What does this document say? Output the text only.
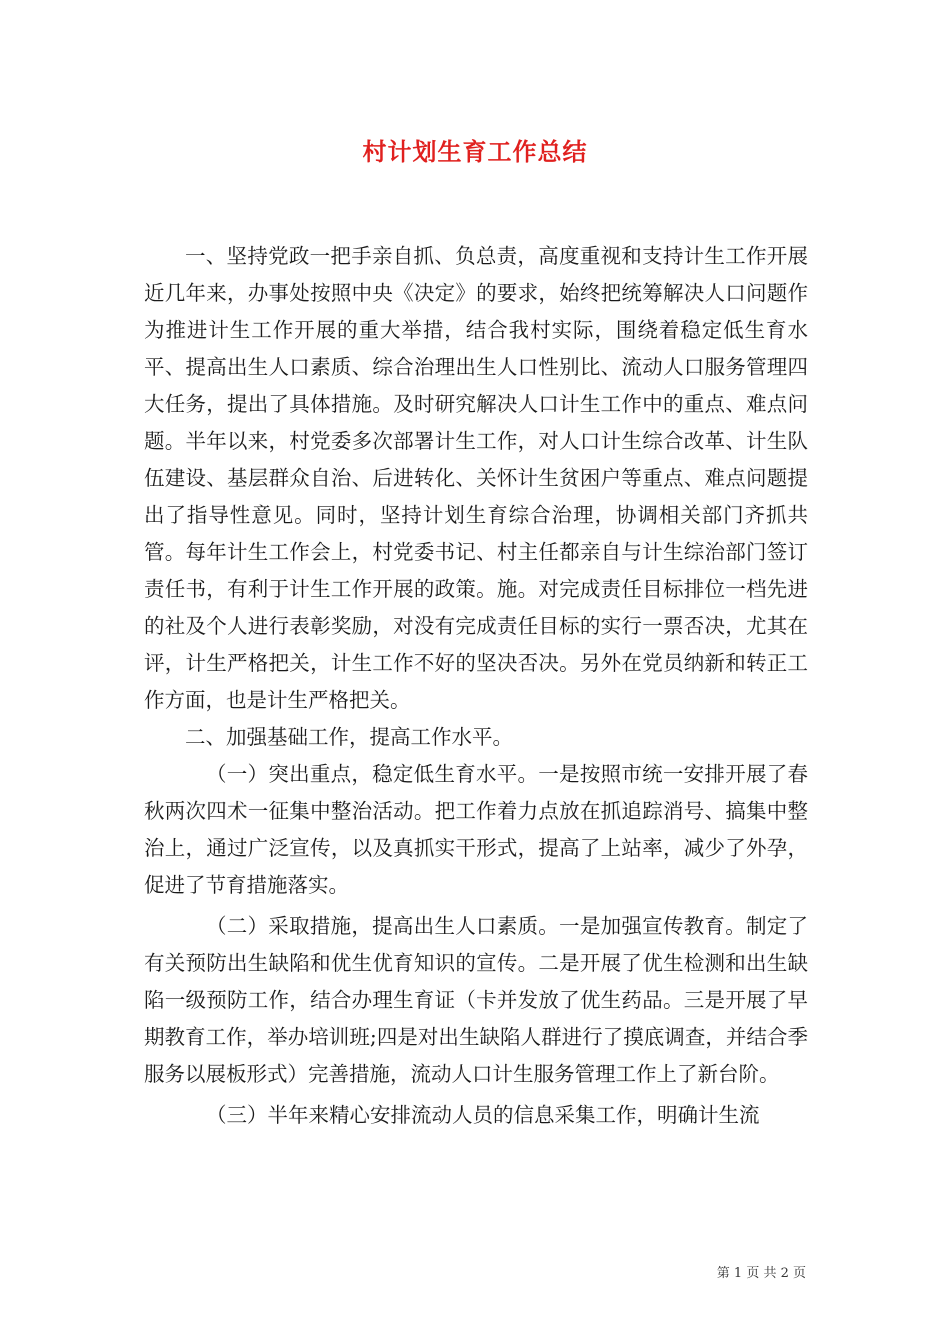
村计划生育工作总结

一、坚持党政一把手亲自抓、负总责，高度重视和支持计生工作开展近几年来，办事处按照中央《决定》的要求，始终把统筹解决人口问题作为推进计生工作开展的重大举措，结合我村实际，围绕着稳定低生育水平、提高出生人口素质、综合治理出生人口性别比、流动人口服务管理四大任务，提出了具体措施。及时研究解决人口计生工作中的重点、难点问题。半年以来，村党委多次部署计生工作，对人口计生综合改革、计生队伍建设、基层群众自治、后进转化、关怀计生贫困户等重点、难点问题提出了指导性意见。同时，坚持计划生育综合治理，协调相关部门齐抓共管。每年计生工作会上，村党委书记、村主任都亲自与计生综治部门签订责任书，有利于计生工作开展的政策。施。对完成责任目标排位一档先进的社及个人进行表彰奖励，对没有完成责任目标的实行一票否决，尤其在评，计生严格把关，计生工作不好的坚决否决。另外在党员纳新和转正工作方面，也是计生严格把关。

二、加强基础工作，提高工作水平。

（一）突出重点，稳定低生育水平。一是按照市统一安排开展了春秋两次四术一征集中整治活动。把工作着力点放在抓追踪消号、搞集中整治上，通过广泛宣传，以及真抓实干形式，提高了上站率，减少了外孕，促进了节育措施落实。

（二）采取措施，提高出生人口素质。一是加强宣传教育。制定了有关预防出生缺陷和优生优育知识的宣传。二是开展了优生检测和出生缺陷一级预防工作，结合办理生育证（卡并发放了优生药品。三是开展了早期教育工作，举办培训班;四是对出生缺陷人群进行了摸底调查，并结合季服务以展板形式）完善措施，流动人口计生服务管理工作上了新台阶。

（三）半年来精心安排流动人员的信息采集工作，明确计生流

第 1 页 共 2 页
